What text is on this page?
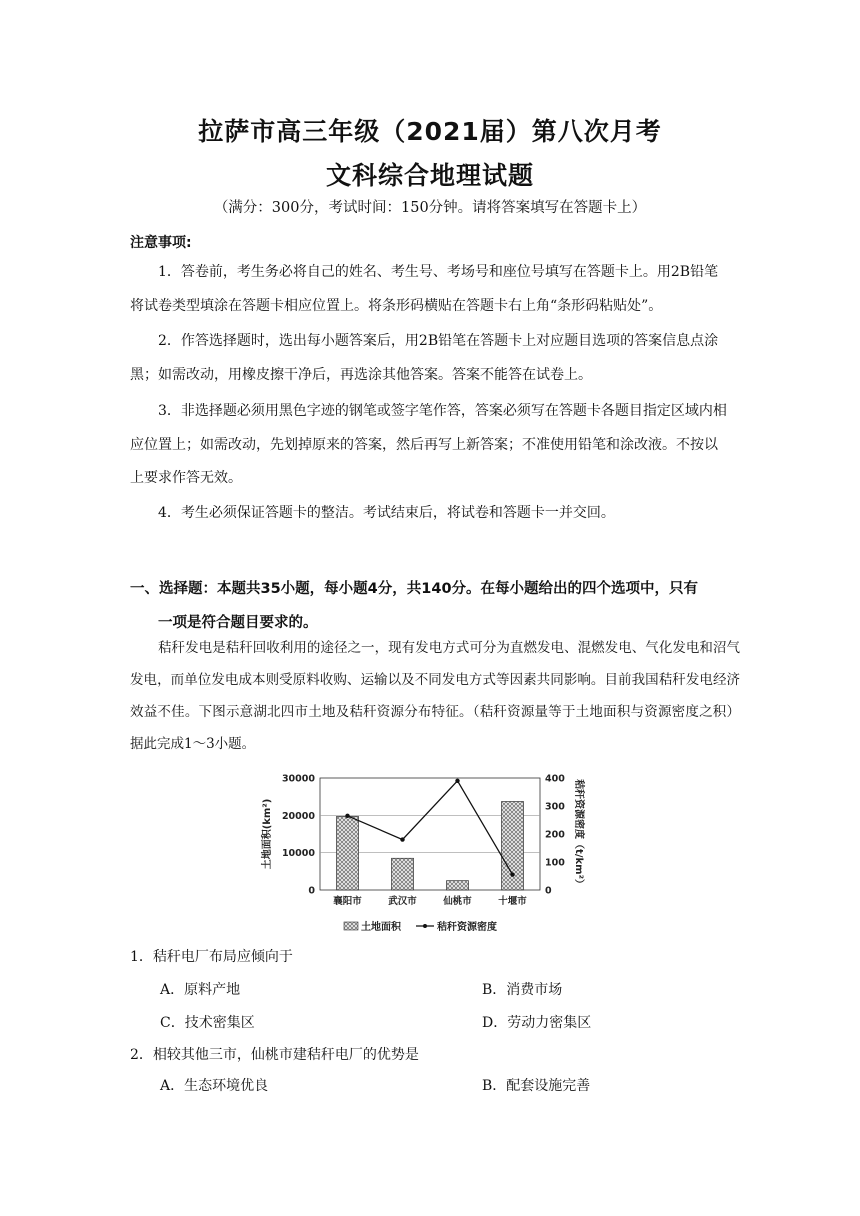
拉萨市高三年级（2021届）第八次月考
文科综合地理试题
（满分：300分，考试时间：150分钟。请将答案填写在答题卡上）
注意事项:

1．答卷前，考生务必将自己的姓名、考生号、考场号和座位号填写在答题卡上。用2B铅笔将试卷类型填涂在答题卡相应位置上。将条形码横贴在答题卡右上角“条形码粘贴处”。

2．作答选择题时，选出每小题答案后，用2B铅笔在答题卡上对应题目选项的答案信息点涂黑；如需改动，用橡皮擦干净后，再选涂其他答案。答案不能答在试卷上。

3．非选择题必须用黑色字迹的钢笔或签字笔作答，答案必须写在答题卡各题目指定区域内相应位置上；如需改动，先划掉原来的答案，然后再写上新答案；不准使用铅笔和涂改液。不按以上要求作答无效。

4．考生必须保证答题卡的整洁。考试结束后，将试卷和答题卡一并交回。

一、选择题：本题共35小题，每小题4分，共140分。在每小题给出的四个选项中，只有

一项是符合题目要求的。

秸秆发电是秸秆回收利用的途径之一，现有发电方式可分为直燃发电、混燃发电、气化发电和沼气发电，而单位发电成本则受原料收购、运输以及不同发电方式等因素共同影响。目前我国秸秆发电经济效益不佳。下图示意湖北四市土地及秸秆资源分布特征。（秸秆资源量等于土地面积与资源密度之积）据此完成1～3小题。

0
10000
20000
30000
0
100
200
300
400
襄阳市	武汉市	仙桃市	十堰市
土地面积(km²)	秸秆资源密度（t/km²）
土地面积	秸秆资源密度
1．秸秆电厂布局应倾向于
A．原料产地	B．消费市场
C．技术密集区	D．劳动力密集区
2．相较其他三市，仙桃市建秸秆电厂的优势是
A．生态环境优良	B．配套设施完善
